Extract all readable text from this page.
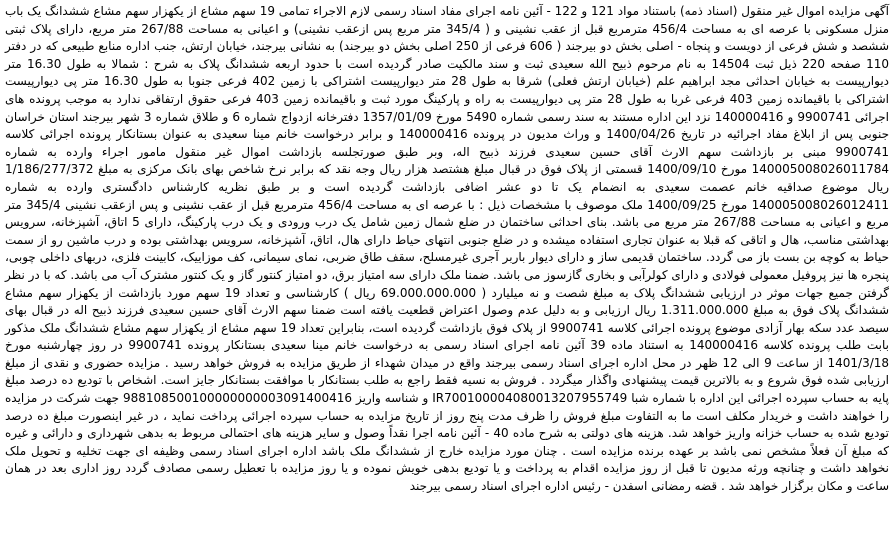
آگهی مزایده اموال غیر منقول (اسناد ذمه) باستناد مواد 121 و 122 - آئین نامه اجرای مفاد اسناد رسمی لازم الاجراء تمامی 19 سهم مشاع از یکهزار سهم مشاع ششدانگ یک باب منزل مسکونی با عرصه ای به مساحت 456/4 مترمربع قبل از عقب نشینی و ( 345/4 متر مربع پس ازعقب نشینی) و اعیانی به مساحت 267/88 متر مربع، دارای پلاک ثبتی ششصد و شش فرعی از دویست و پنجاه - اصلی بخش دو بیرجند ( 606 فرعی از 250 اصلی بخش دو بیرجند) به نشانی بیرجند، خیابان ارتش، جنب اداره منابع طبیعی که در دفتر 110 صفحه 220 ذیل ثبت 14504 به نام مرحوم ذبیح الله سعیدی ثبت و سند مالکیت صادر گردیده است با حدود اربعه ششدانگ پلاک به شرح : شمالا به طول 16.30 متر دیوارپیست به خیابان احداثی مجد ابراهیم علم (خیابان ارتش فعلی) شرقا به طول 28 متر دیوارپیست اشتراکی با زمین 402 فرعی جنوبا به طول 16.30 متر پی دیوارپیست اشتراکی با باقیمانده زمین 403 فرعی غربا به طول 28 متر پی دیوارپیست به راه و پارکینگ مورد ثبت و باقیمانده زمین 403 فرعی حقوق ارتفاقی ندارد به موجب پرونده های اجرائی 9900741 و 140000416 نزد این اداره مستند به سند رسمی شماره 5490 مورخ 1357/01/09 دفترخانه ازدواج شماره 6 و طلاق شماره 3 شهر بیرجند استان خراسان جنوبی پس از ابلاغ مفاد اجرائیه در تاریخ 1400/04/26 و وراث مدیون در پرونده 140000416 و برابر درخواست خانم مینا سعیدی به عنوان بستانکار پرونده اجرائی کلاسه 9900741 مبنی بر بازداشت سهم الارث آقای حسین سعیدی فرزند ذبیح اله، وبر طبق صورتجلسه بازداشت اموال غیر منقول مامور اجراء وارده به شماره 140005008026011784 مورخ 1400/09/10 قسمتی از پلاک فوق در قبال مبلغ هشتصد هزار ریال وجه نقد که برابر نرخ شاخص بهای بانک مرکزی به مبلغ 1/186/277/372 ریال موضوع صداقیه خانم عصمت سعیدی به انضمام یک تا دو عشر اضافی بازداشت گردیده است و بر طبق نظریه کارشناس دادگستری وارده به شماره 140005008026012411 مورخ 1400/09/25 ملک موصوف با مشخصات ذیل : با عرصه ای به مساحت 456/4 مترمربع قبل از عقب نشینی و پس ازعقب نشینی 345/4 متر مربع و اعیانی به مساحت 267/88 متر مربع می باشد. بنای احداثی ساختمان در ضلع شمال زمین شامل یک درب ورودی و یک درب پارکینگ، دارای 5 اتاق، آشپزخانه، سرویس بهداشتی مناسب، هال و اتاقی که قبلا به عنوان تجاری استفاده میشده و در ضلع جنوبی انتهای حیاط دارای هال، اتاق، آشپزخانه، سرویس بهداشتی بوده و درب ماشین رو از سمت حیاط به کوچه بن بست باز می گردد. ساختمان قدیمی ساز و دارای دیوار باربر آجری غیرمسلح، سقف طاق ضربی، نمای سیمانی، کف موزاییک، کابینت فلزی، دربهای داخلی چوبی، پنجره ها نیز پروفیل معمولی فولادی و دارای کولرآبی و بخاری گازسوز می باشد. ضمنا ملک دارای سه امتیاز برق، دو امتیاز کنتور گاز و یک کنتور مشترک آب می باشد. که با در نظر گرفتن جمیع جهات موثر در ارزیابی ششدانگ پلاک به مبلغ شصت و نه میلیارد ( 69.000.000.000 ریال ) کارشناسی و تعداد 19 سهم مورد بازداشت از یکهزار سهم مشاع ششدانگ پلاک فوق به مبلغ 1.311.000.000 ریال ارزیابی و به دلیل عدم وصول اعتراض قطعیت یافته است ضمنا سهم الارث آقای حسین سعیدی فرزند ذبیح اله در قبال بهای سیصد عدد سکه بهار آزادی موضوع پرونده اجرائی کلاسه 9900741 از پلاک فوق بازداشت گردیده است، بنابراین تعداد 19 سهم مشاع از یکهزار سهم مشاع ششدانگ ملک مذکور بابت طلب پرونده کلاسه 140000416 به استناد ماده 39 آئین نامه اجرای اسناد رسمی به درخواست خانم مینا سعیدی بستانکار پرونده 9900741 در روز چهارشنبه مورخ 1401/3/18 از ساعت 9 الی 12 ظهر در محل اداره اجرای اسناد رسمی بیرجند واقع در میدان شهداء از طریق مزایده به فروش خواهد رسید . مزایده حضوری و نقدی از مبلغ ارزیابی شده فوق شروع و به بالاترین قیمت پیشنهادی واگذار میگردد . فروش به نسیه فقط راجع به طلب بستانکار با موافقت بستانکار جایز است. اشخاص با تودیع ده درصد مبلغ پایه به حساب سپرده اجرائی این اداره با شماره شبا IR700100004080013207955749 و شناسه واریز 988108500100000000003091400416 جهت شرکت در مزایده را خواهند داشت و خریدار مکلف است ما به التفاوت مبلغ فروش را ظرف مدت پنج روز از تاریخ مزایده به حساب سپرده اجرائی پرداخت نماید ، در غیر اینصورت مبلغ ده درصد تودیع شده به حساب خزانه واریز خواهد شد. هزینه های دولتی به شرح ماده 40 - آئین نامه اجرا نقداً وصول و سایر هزینه های احتمالی مربوط به بدهی شهرداری و دارائی و غیره که مبلغ آن فعلاً مشخص نمی باشد بر عهده برنده مزایده است . چنان مورد مزایده خارج از ششدانگ ملک باشد اداره اجرای اسناد رسمی وظیفه ای جهت تخلیه و تحویل ملک نخواهد داشت و چنانچه ورثه مدیون تا قبل از روز مزایده اقدام به پرداخت و یا تودیع بدهی خویش نموده و یا روز مزایده با تعطیل رسمی مصادف گردد روز اداری بعد در همان ساعت و مکان برگزار خواهد شد . قضه رمضانی اسفدن - رئیس اداره اجرای اسناد رسمی بیرجند
